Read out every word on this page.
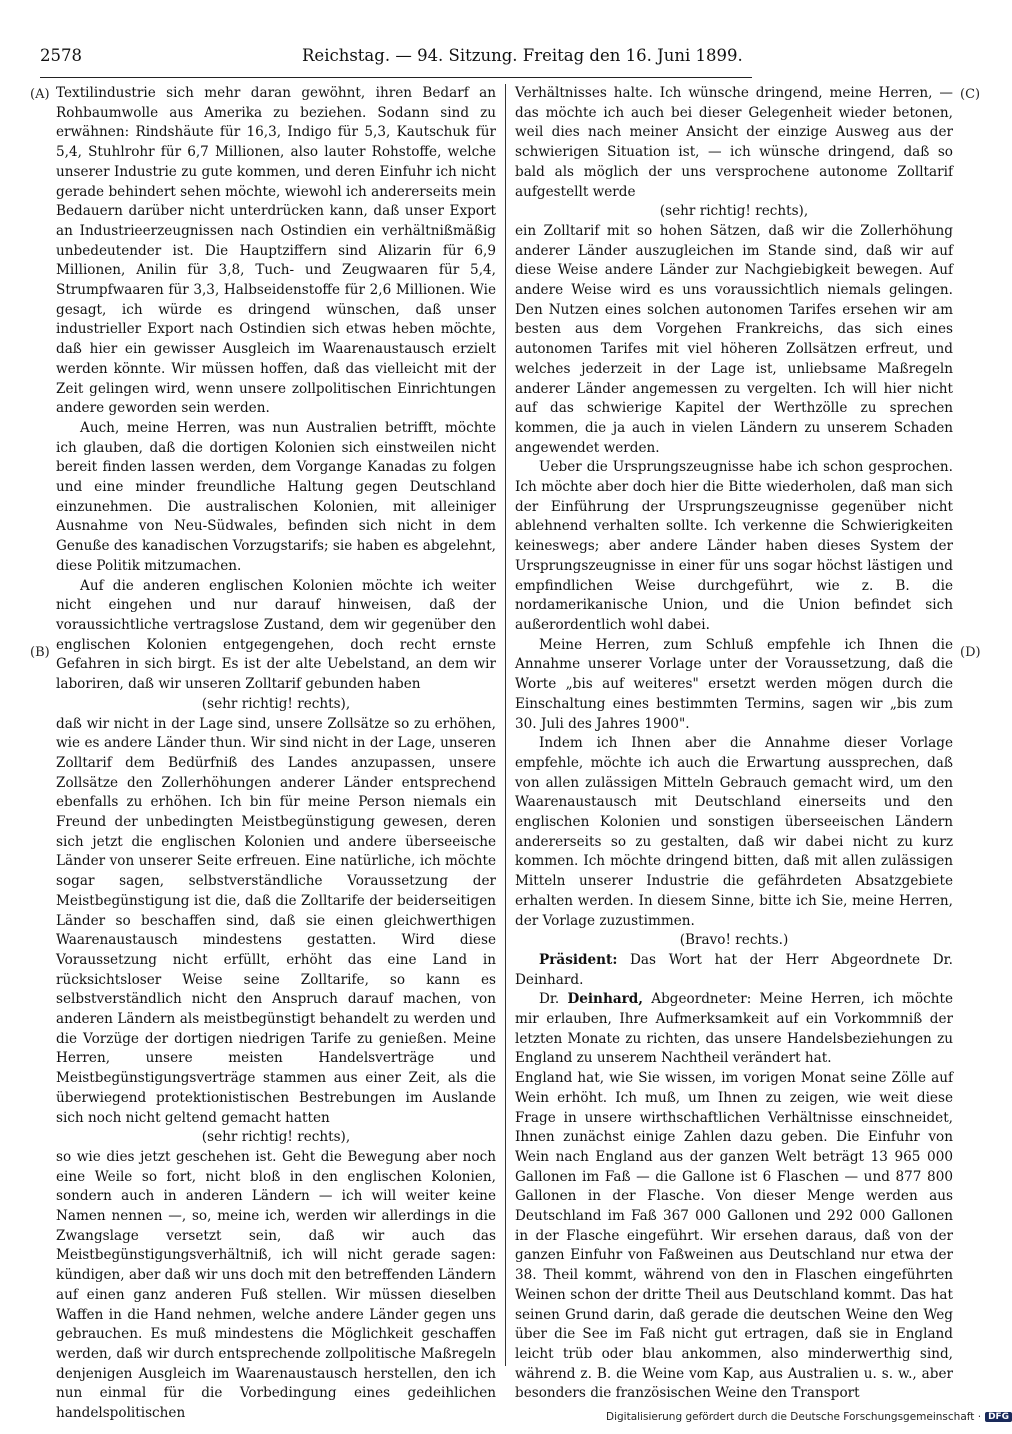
2578	Reichstag. — 94. Sitzung. Freitag den 16. Juni 1899.
(A)
(B)
(C)
(D)

Textilindustrie sich mehr daran gewöhnt, ihren Bedarf an Rohbaumwolle aus Amerika zu beziehen. Sodann sind zu erwähnen: Rindshäute für 16,3, Indigo für 5,3, Kautschuk für 5,4, Stuhlrohr für 6,7 Millionen, also lauter Rohstoffe, welche unserer Industrie zu gute kommen, und deren Einfuhr ich nicht gerade behindert sehen möchte, wiewohl ich andererseits mein Bedauern darüber nicht unterdrücken kann, daß unser Export an Industrieerzeugnissen nach Ostindien ein verhältnißmäßig unbedeutender ist. Die Hauptziffern sind Alizarin für 6,9 Millionen, Anilin für 3,8, Tuch- und Zeugwaaren für 5,4, Strumpfwaaren für 3,3, Halbseidenstoffe für 2,6 Millionen. Wie gesagt, ich würde es dringend wünschen, daß unser industrieller Export nach Ostindien sich etwas heben möchte, daß hier ein gewisser Ausgleich im Waarenaustausch erzielt werden könnte. Wir müssen hoffen, daß das vielleicht mit der Zeit gelingen wird, wenn unsere zollpolitischen Einrichtungen andere geworden sein werden.

Auch, meine Herren, was nun Australien betrifft, möchte ich glauben, daß die dortigen Kolonien sich einstweilen nicht bereit finden lassen werden, dem Vorgange Kanadas zu folgen und eine minder freundliche Haltung gegen Deutschland einzunehmen. Die australischen Kolonien, mit alleiniger Ausnahme von Neu-Südwales, befinden sich nicht in dem Genuße des kanadischen Vorzugstarifs; sie haben es abgelehnt, diese Politik mitzumachen.

Auf die anderen englischen Kolonien möchte ich weiter nicht eingehen und nur darauf hinweisen, daß der voraussichtliche vertragslose Zustand, dem wir gegenüber den englischen Kolonien entgegengehen, doch recht ernste Gefahren in sich birgt. Es ist der alte Uebelstand, an dem wir laboriren, daß wir unseren Zolltarif gebunden haben

(sehr richtig! rechts),

daß wir nicht in der Lage sind, unsere Zollsätze so zu erhöhen, wie es andere Länder thun. Wir sind nicht in der Lage, unseren Zolltarif dem Bedürfniß des Landes anzupassen, unsere Zollsätze den Zollerhöhungen anderer Länder entsprechend ebenfalls zu erhöhen. Ich bin für meine Person niemals ein Freund der unbedingten Meistbegünstigung gewesen, deren sich jetzt die englischen Kolonien und andere überseeische Länder von unserer Seite erfreuen. Eine natürliche, ich möchte sogar sagen, selbstverständliche Voraussetzung der Meistbegünstigung ist die, daß die Zolltarife der beiderseitigen Länder so beschaffen sind, daß sie einen gleichwerthigen Waarenaustausch mindestens gestatten. Wird diese Voraussetzung nicht erfüllt, erhöht das eine Land in rücksichtsloser Weise seine Zolltarife, so kann es selbstverständlich nicht den Anspruch darauf machen, von anderen Ländern als meistbegünstigt behandelt zu werden und die Vorzüge der dortigen niedrigen Tarife zu genießen. Meine Herren, unsere meisten Handelsverträge und Meistbegünstigungsverträge stammen aus einer Zeit, als die überwiegend protektionistischen Bestrebungen im Auslande sich noch nicht geltend gemacht hatten

(sehr richtig! rechts),

so wie dies jetzt geschehen ist. Geht die Bewegung aber noch eine Weile so fort, nicht bloß in den englischen Kolonien, sondern auch in anderen Ländern — ich will weiter keine Namen nennen —, so, meine ich, werden wir allerdings in die Zwangslage versetzt sein, daß wir auch das Meistbegünstigungsverhältniß, ich will nicht gerade sagen: kündigen, aber daß wir uns doch mit den betreffenden Ländern auf einen ganz anderen Fuß stellen. Wir müssen dieselben Waffen in die Hand nehmen, welche andere Länder gegen uns gebrauchen. Es muß mindestens die Möglichkeit geschaffen werden, daß wir durch entsprechende zollpolitische Maßregeln denjenigen Ausgleich im Waarenaustausch herstellen, den ich nun einmal für die Vorbedingung eines gedeihlichen handelspolitischen

Verhältnisses halte. Ich wünsche dringend, meine Herren, — das möchte ich auch bei dieser Gelegenheit wieder betonen, weil dies nach meiner Ansicht der einzige Ausweg aus der schwierigen Situation ist, — ich wünsche dringend, daß so bald als möglich der uns versprochene autonome Zolltarif aufgestellt werde

(sehr richtig! rechts),

ein Zolltarif mit so hohen Sätzen, daß wir die Zollerhöhung anderer Länder auszugleichen im Stande sind, daß wir auf diese Weise andere Länder zur Nachgiebigkeit bewegen. Auf andere Weise wird es uns voraussichtlich niemals gelingen. Den Nutzen eines solchen autonomen Tarifes ersehen wir am besten aus dem Vorgehen Frankreichs, das sich eines autonomen Tarifes mit viel höheren Zollsätzen erfreut, und welches jederzeit in der Lage ist, unliebsame Maßregeln anderer Länder angemessen zu vergelten. Ich will hier nicht auf das schwierige Kapitel der Werthzölle zu sprechen kommen, die ja auch in vielen Ländern zu unserem Schaden angewendet werden.

Ueber die Ursprungszeugnisse habe ich schon gesprochen. Ich möchte aber doch hier die Bitte wiederholen, daß man sich der Einführung der Ursprungszeugnisse gegenüber nicht ablehnend verhalten sollte. Ich verkenne die Schwierigkeiten keineswegs; aber andere Länder haben dieses System der Ursprungszeugnisse in einer für uns sogar höchst lästigen und empfindlichen Weise durchgeführt, wie z. B. die nordamerikanische Union, und die Union befindet sich außerordentlich wohl dabei.

Meine Herren, zum Schluß empfehle ich Ihnen die Annahme unserer Vorlage unter der Voraussetzung, daß die Worte „bis auf weiteres" ersetzt werden mögen durch die Einschaltung eines bestimmten Termins, sagen wir „bis zum 30. Juli des Jahres 1900".

Indem ich Ihnen aber die Annahme dieser Vorlage empfehle, möchte ich auch die Erwartung aussprechen, daß von allen zulässigen Mitteln Gebrauch gemacht wird, um den Waarenaustausch mit Deutschland einerseits und den englischen Kolonien und sonstigen überseeischen Ländern andererseits so zu gestalten, daß wir dabei nicht zu kurz kommen. Ich möchte dringend bitten, daß mit allen zulässigen Mitteln unserer Industrie die gefährdeten Absatzgebiete erhalten werden. In diesem Sinne, bitte ich Sie, meine Herren, der Vorlage zuzustimmen.

(Bravo! rechts.)

Präsident: Das Wort hat der Herr Abgeordnete Dr. Deinhard.

Dr. Deinhard, Abgeordneter: Meine Herren, ich möchte mir erlauben, Ihre Aufmerksamkeit auf ein Vorkommniß der letzten Monate zu richten, das unsere Handelsbeziehungen zu England zu unserem Nachtheil verändert hat.

England hat, wie Sie wissen, im vorigen Monat seine Zölle auf Wein erhöht. Ich muß, um Ihnen zu zeigen, wie weit diese Frage in unsere wirthschaftlichen Verhältnisse einschneidet, Ihnen zunächst einige Zahlen dazu geben. Die Einfuhr von Wein nach England aus der ganzen Welt beträgt 13 965 000 Gallonen im Faß — die Gallone ist 6 Flaschen — und 877 800 Gallonen in der Flasche. Von dieser Menge werden aus Deutschland im Faß 367 000 Gallonen und 292 000 Gallonen in der Flasche eingeführt. Wir ersehen daraus, daß von der ganzen Einfuhr von Faßweinen aus Deutschland nur etwa der 38. Theil kommt, während von den in Flaschen eingeführten Weinen schon der dritte Theil aus Deutschland kommt. Das hat seinen Grund darin, daß gerade die deutschen Weine den Weg über die See im Faß nicht gut ertragen, daß sie in England leicht trüb oder blau ankommen, also minderwerthig sind, während z. B. die Weine vom Kap, aus Australien u. s. w., aber besonders die französischen Weine den Transport

Digitalisierung gefördert durch die Deutsche Forschungsgemeinschaft · DFG
